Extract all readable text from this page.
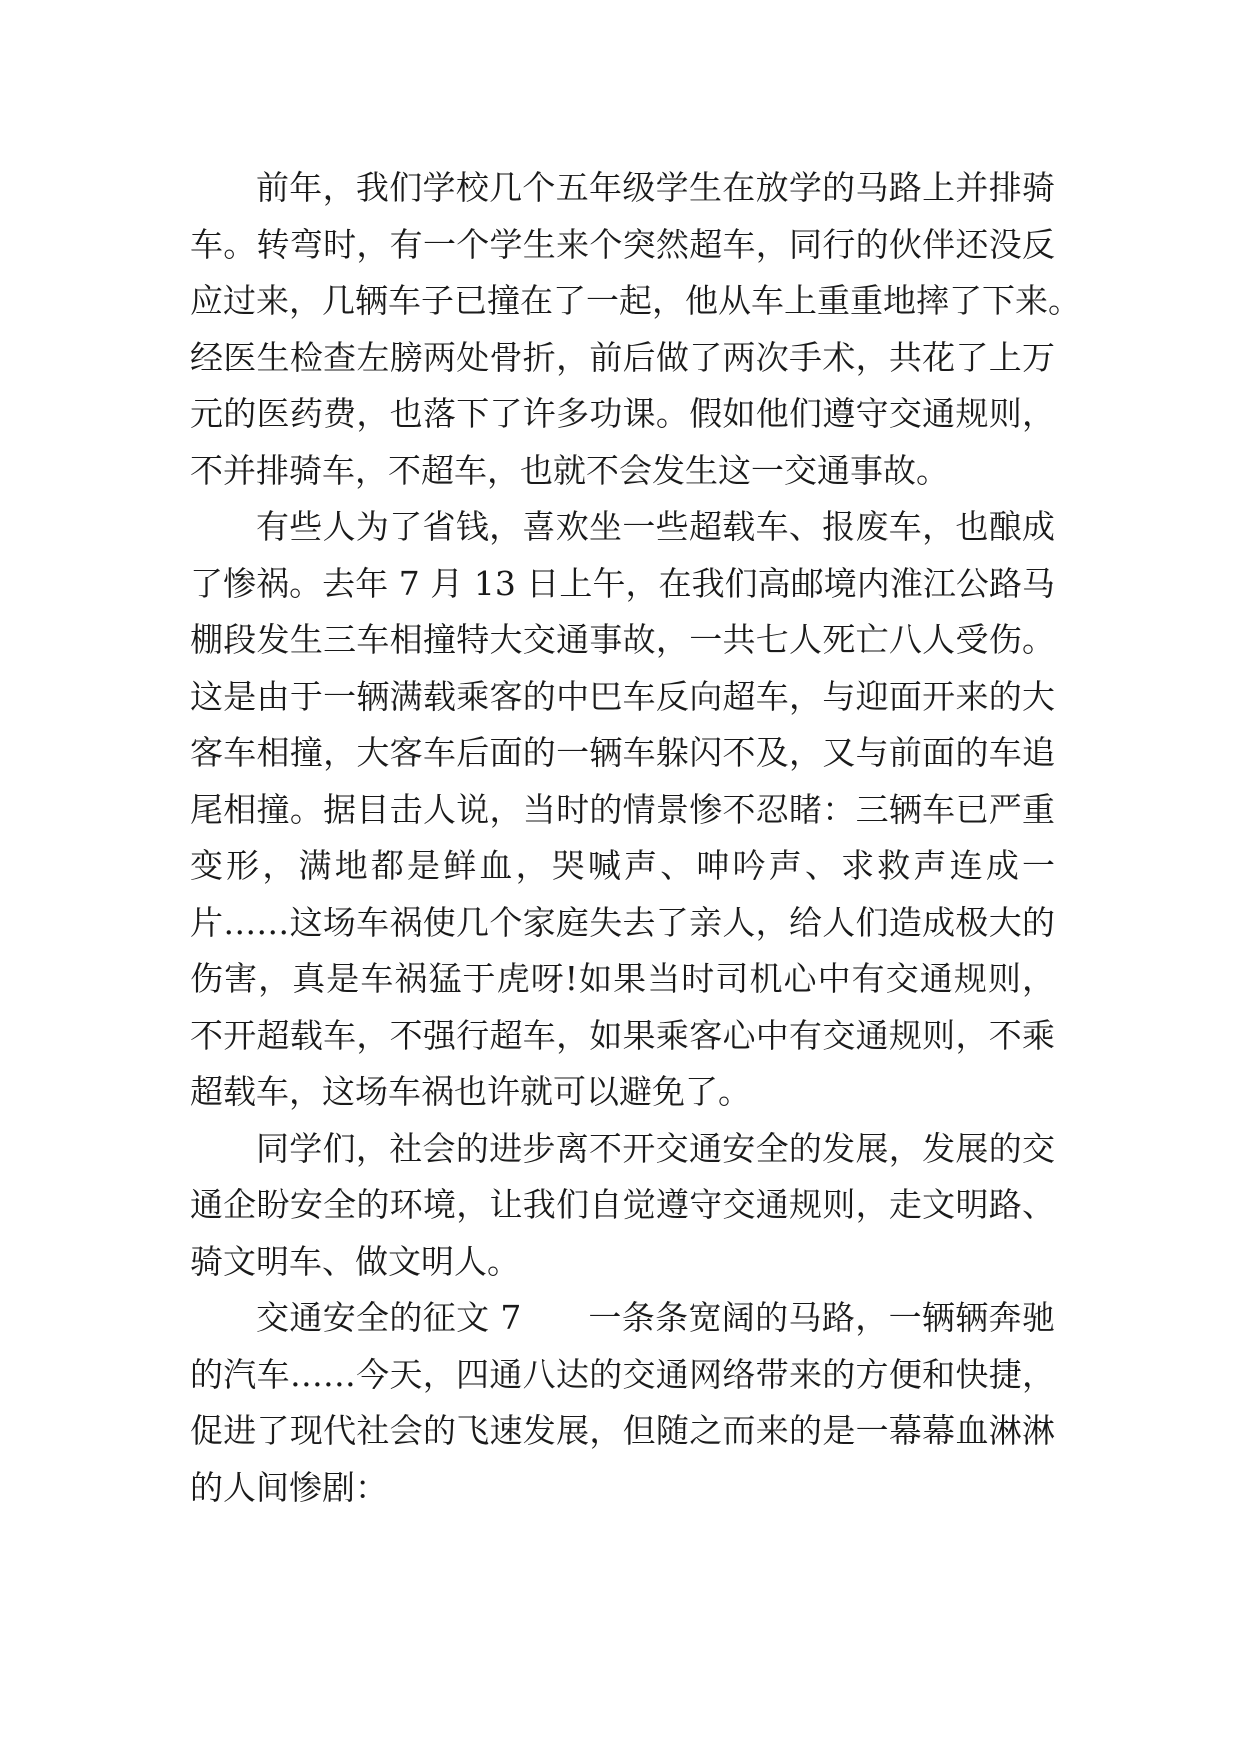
前年，我们学校几个五年级学生在放学的马路上并排骑
车。转弯时，有一个学生来个突然超车，同行的伙伴还没反
应过来，几辆车子已撞在了一起，他从车上重重地摔了下来。
经医生检查左膀两处骨折，前后做了两次手术，共花了上万
元的医药费，也落下了许多功课。假如他们遵守交通规则，
不并排骑车，不超车，也就不会发生这一交通事故。
有些人为了省钱，喜欢坐一些超载车、报废车，也酿成
了惨祸。去年 7 月 13 日上午，在我们高邮境内淮江公路马
棚段发生三车相撞特大交通事故，一共七人死亡八人受伤。
这是由于一辆满载乘客的中巴车反向超车，与迎面开来的大
客车相撞，大客车后面的一辆车躲闪不及，又与前面的车追
尾相撞。据目击人说，当时的情景惨不忍睹：三辆车已严重
变形，满地都是鲜血，哭喊声、呻吟声、求救声连成一
片……这场车祸使几个家庭失去了亲人，给人们造成极大的
伤害，真是车祸猛于虎呀!如果当时司机心中有交通规则，
不开超载车，不强行超车，如果乘客心中有交通规则，不乘
超载车，这场车祸也许就可以避免了。
同学们，社会的进步离不开交通安全的发展，发展的交
通企盼安全的环境，让我们自觉遵守交通规则，走文明路、
骑文明车、做文明人。
交通安全的征文 7　　一条条宽阔的马路，一辆辆奔驰
的汽车……今天，四通八达的交通网络带来的方便和快捷，
促进了现代社会的飞速发展，但随之而来的是一幕幕血淋淋
的人间惨剧：
